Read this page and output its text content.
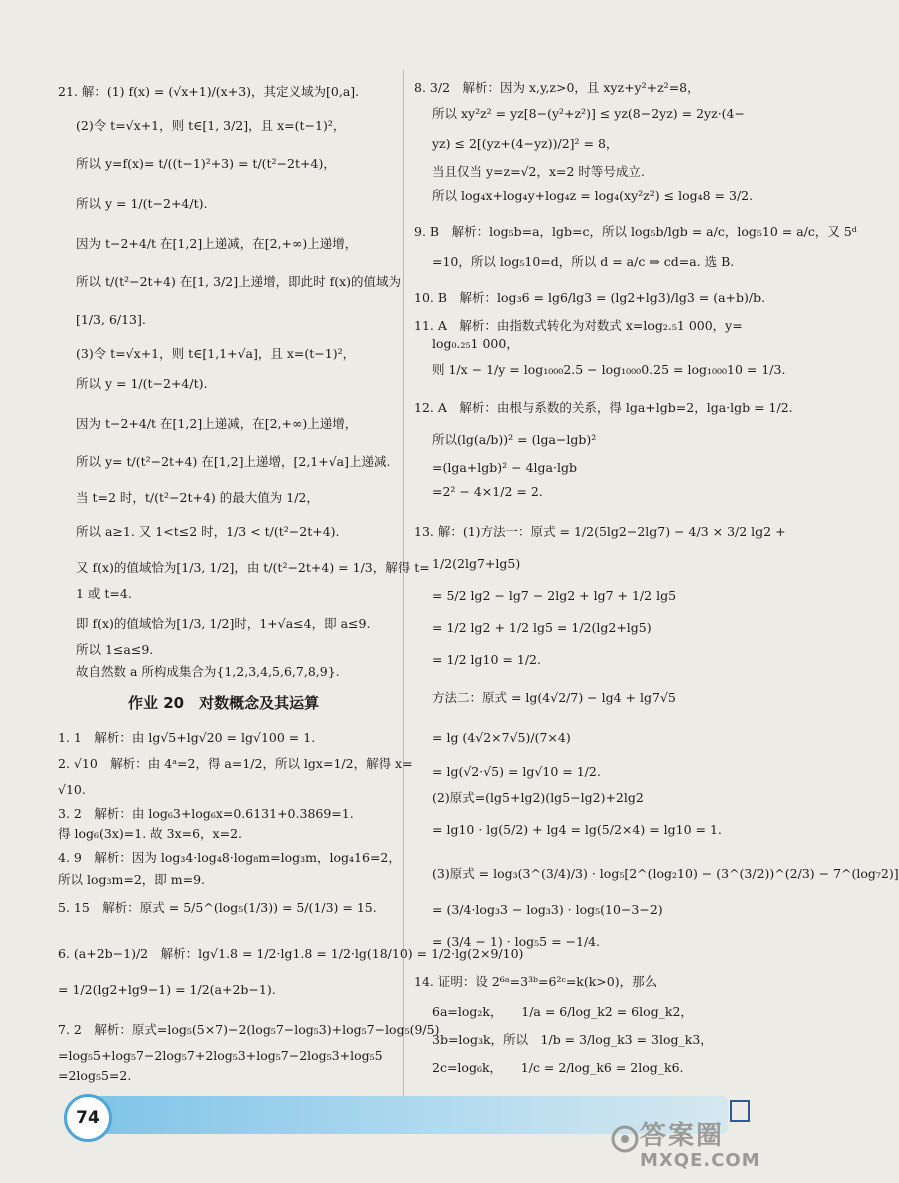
21. 解：(1) f(x) = (√x+1)/(x+3)，其定义域为[0,a].
(2)令 t=√x+1，则 t∈[1, 3/2]，且 x=(t−1)²，
所以 y=f(x)= t/((t−1)²+3) = t/(t²−2t+4)，
所以 y = 1/(t−2+4/t).
因为 t−2+4/t 在[1,2]上递减，在[2,+∞)上递增，
所以 t/(t²−2t+4) 在[1, 3/2]上递增，即此时 f(x)的值域为
[1/3, 6/13].
(3)令 t=√x+1，则 t∈[1,1+√a]，且 x=(t−1)²，
所以 y = 1/(t−2+4/t).
因为 t−2+4/t 在[1,2]上递减，在[2,+∞)上递增，
所以 y= t/(t²−2t+4) 在[1,2]上递增，[2,1+√a]上递减.
当 t=2 时，t/(t²−2t+4) 的最大值为 1/2，
所以 a≥1. 又 1<t≤2 时，1/3 < t/(t²−2t+4).
又 f(x)的值域恰为[1/3, 1/2]，由 t/(t²−2t+4) = 1/3，解得 t=
1 或 t=4.
即 f(x)的值域恰为[1/3, 1/2]时，1+√a≤4，即 a≤9.
所以 1≤a≤9.
故自然数 a 所构成集合为{1,2,3,4,5,6,7,8,9}.
作业 20　对数概念及其运算
1. 1　解析：由 lg√5+lg√20 = lg√100 = 1.
2. √10　解析：由 4ᵃ=2，得 a=1/2，所以 lgx=1/2，解得 x=
√10.
3. 2　解析：由 log₆3+log₆x=0.6131+0.3869=1.
得 log₆(3x)=1. 故 3x=6，x=2.
4. 9　解析：因为 log₃4·log₄8·log₈m=log₃m，log₄16=2，
所以 log₃m=2，即 m=9.
5. 15　解析：原式 = 5/5^(log₅(1/3)) = 5/(1/3) = 15.
6. (a+2b−1)/2　解析：lg√1.8 = 1/2·lg1.8 = 1/2·lg(18/10) = 1/2·lg(2×9/10)
= 1/2(lg2+lg9−1) = 1/2(a+2b−1).
7. 2　解析：原式=log₅(5×7)−2(log₅7−log₅3)+log₅7−log₅(9/5)
=log₅5+log₅7−2log₅7+2log₅3+log₅7−2log₅3+log₅5
=2log₅5=2.
8. 3/2　解析：因为 x,y,z>0，且 xyz+y²+z²=8，
所以 xy²z² = yz[8−(y²+z²)] ≤ yz(8−2yz) = 2yz·(4−
yz) ≤ 2[(yz+(4−yz))/2]² = 8，
当且仅当 y=z=√2，x=2 时等号成立.
所以 log₄x+log₄y+log₄z = log₄(xy²z²) ≤ log₄8 = 3/2.
9. B　解析：log₅b=a，lgb=c，所以 log₅b/lgb = a/c，log₅10 = a/c，又 5ᵈ
=10，所以 log₅10=d，所以 d = a/c ⇒ cd=a. 选 B.
10. B　解析：log₃6 = lg6/lg3 = (lg2+lg3)/lg3 = (a+b)/b.
11. A　解析：由指数式转化为对数式 x=log₂.₅1 000，y=
log₀.₂₅1 000，
则 1/x − 1/y = log₁₀₀₀2.5 − log₁₀₀₀0.25 = log₁₀₀₀10 = 1/3.
12. A　解析：由根与系数的关系，得 lga+lgb=2，lga·lgb = 1/2.
所以(lg(a/b))² = (lga−lgb)²
=(lga+lgb)² − 4lga·lgb
=2² − 4×1/2 = 2.
13. 解：(1)方法一：原式 = 1/2(5lg2−2lg7) − 4/3 × 3/2 lg2 +
1/2(2lg7+lg5)
= 5/2 lg2 − lg7 − 2lg2 + lg7 + 1/2 lg5
= 1/2 lg2 + 1/2 lg5 = 1/2(lg2+lg5)
= 1/2 lg10 = 1/2.
方法二：原式 = lg(4√2/7) − lg4 + lg7√5
= lg (4√2×7√5)/(7×4)
= lg(√2·√5) = lg√10 = 1/2.
(2)原式=(lg5+lg2)(lg5−lg2)+2lg2
= lg10 · lg(5/2) + lg4 = lg(5/2×4) = lg10 = 1.
(3)原式 = log₃(3^(3/4)/3) · log₅[2^(log₂10) − (3^(3/2))^(2/3) − 7^(log₇2)]
= (3/4·log₃3 − log₃3) · log₅(10−3−2)
= (3/4 − 1) · log₅5 = −1/4.
14. 证明：设 2⁶ᵃ=3³ᵇ=6²ᶜ=k(k>0)，那么
6a=log₂k，　　1/a = 6/log_k2 = 6log_k2，
3b=log₃k，所以　1/b = 3/log_k3 = 3log_k3，
2c=log₆k，　　1/c = 2/log_k6 = 2log_k6.
74
答案圈
MXQE.COM
